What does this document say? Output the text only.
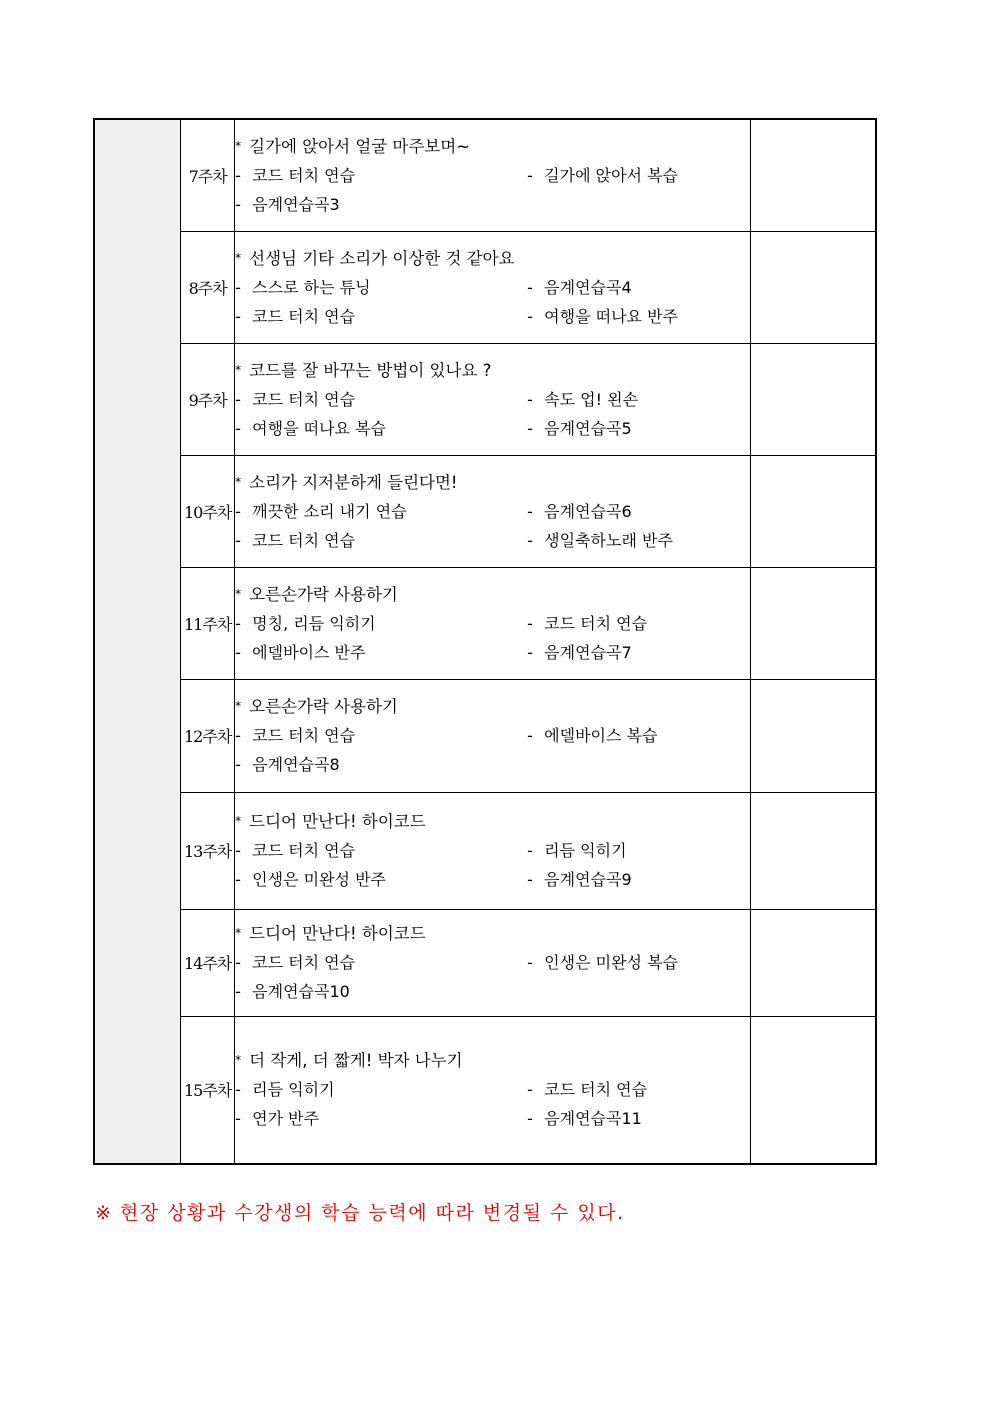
	7주차	* 길가에 앉아서 얼굴 마주보며~
- 코드 터치 연습 - 길가에 앉아서 복습
- 음계연습곡3	

	8주차	* 선생님 기타 소리가 이상한 것 같아요
- 스스로 하는 튜닝 - 음계연습곡4
- 코드 터치 연습 - 여행을 떠나요 반주	

	9주차	* 코드를 잘 바꾸는 방법이 있나요 ?
- 코드 터치 연습 - 속도 업! 왼손
- 여행을 떠나요 복습 - 음계연습곡5	

	10주차	* 소리가 지저분하게 들린다면!
- 깨끗한 소리 내기 연습 - 음계연습곡6
- 코드 터치 연습 - 생일축하노래 반주	

	11주차	* 오른손가락 사용하기
- 명칭, 리듬 익히기 - 코드 터치 연습
- 에델바이스 반주 - 음계연습곡7	

	12주차	* 오른손가락 사용하기
- 코드 터치 연습 - 에델바이스 복습
- 음계연습곡8	

	13주차	* 드디어 만난다! 하이코드
- 코드 터치 연습 - 리듬 익히기
- 인생은 미완성 반주 - 음계연습곡9	

	14주차	* 드디어 만난다! 하이코드
- 코드 터치 연습 - 인생은 미완성 복습
- 음계연습곡10	

	15주차	* 더 작게, 더 짧게! 박자 나누기
- 리듬 익히기 - 코드 터치 연습
- 연가 반주 - 음계연습곡11	

※ 현장 상황과 수강생의 학습 능력에 따라 변경될 수 있다.
